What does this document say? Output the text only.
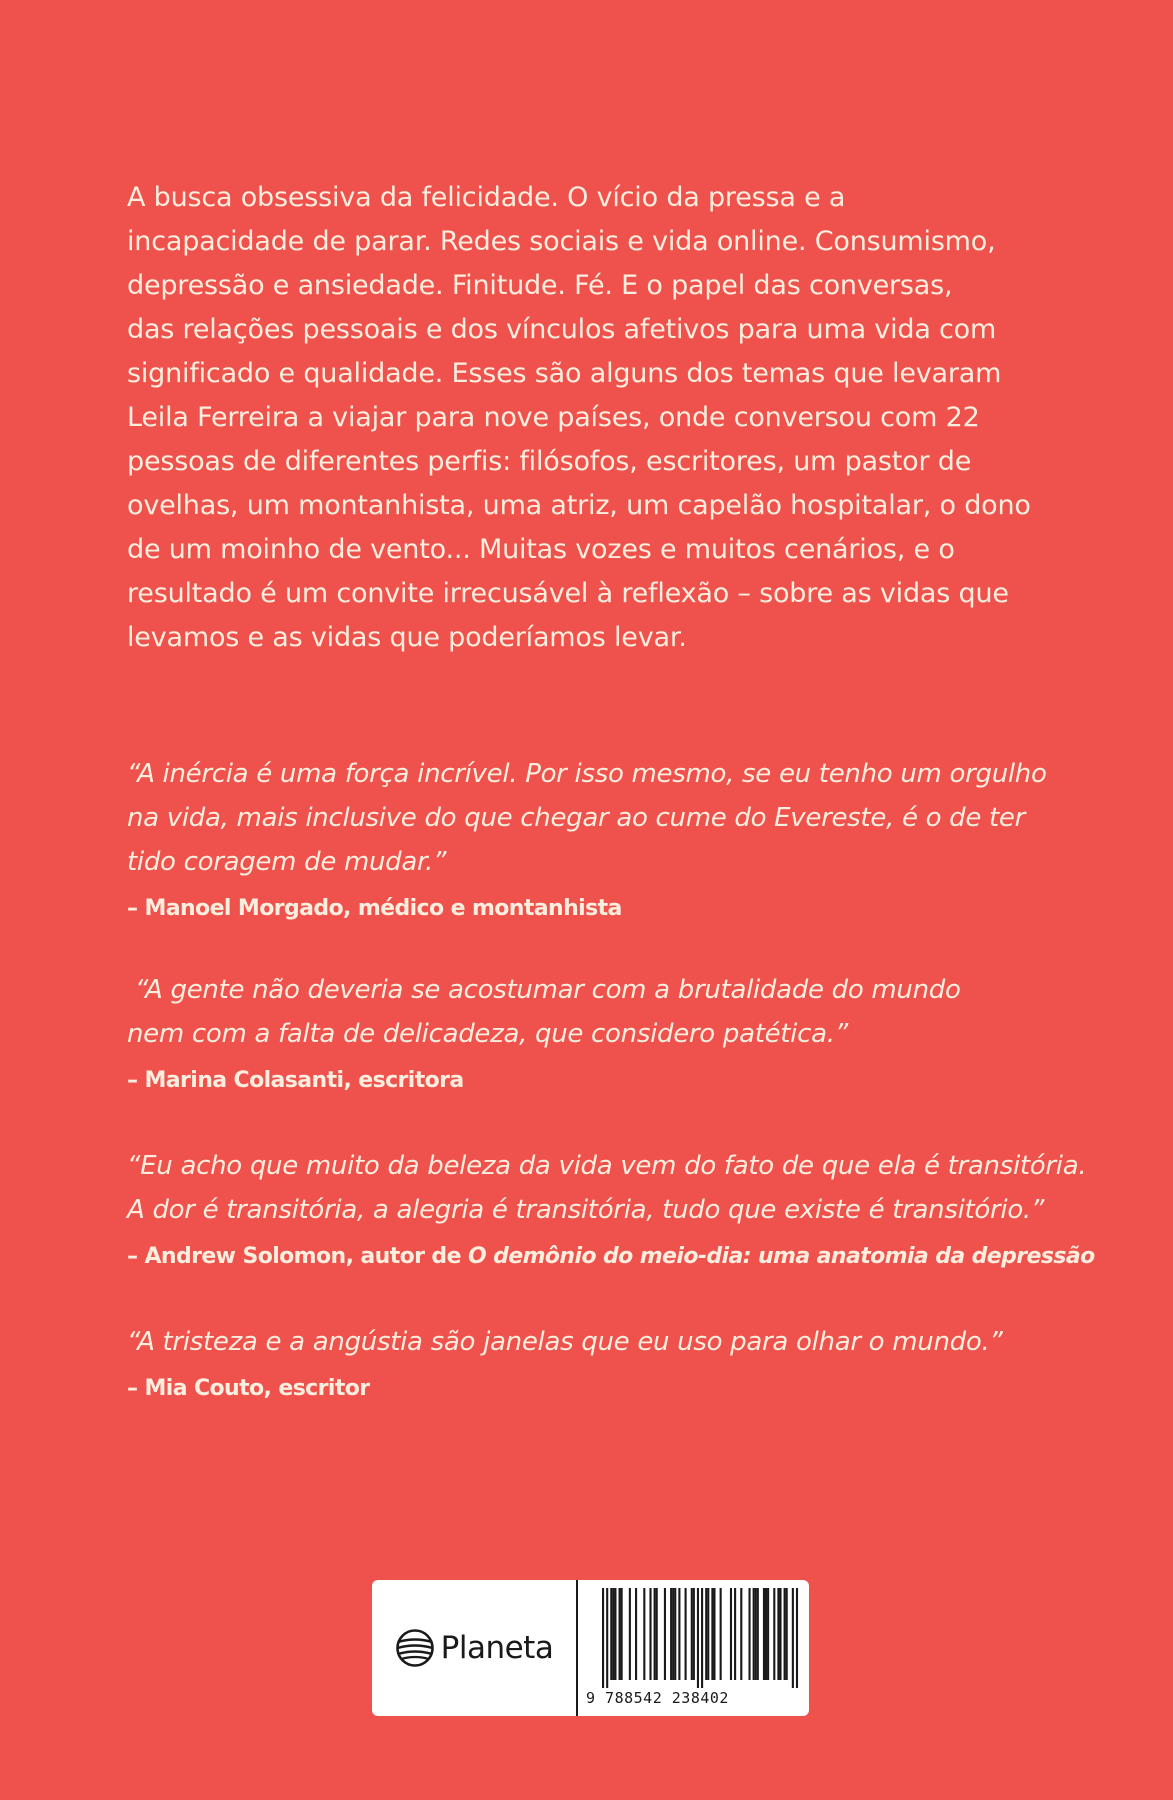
A busca obsessiva da felicidade. O vício da pressa e a
incapacidade de parar. Redes sociais e vida online. Consumismo,
depressão e ansiedade. Finitude. Fé. E o papel das conversas,
das relações pessoais e dos vínculos afetivos para uma vida com
significado e qualidade. Esses são alguns dos temas que levaram
Leila Ferreira a viajar para nove países, onde conversou com 22
pessoas de diferentes perfis: filósofos, escritores, um pastor de
ovelhas, um montanhista, uma atriz, um capelão hospitalar, o dono
de um moinho de vento... Muitas vozes e muitos cenários, e o
resultado é um convite irrecusável à reflexão – sobre as vidas que
levamos e as vidas que poderíamos levar.

“A inércia é uma força incrível. Por isso mesmo, se eu tenho um orgulho
na vida, mais inclusive do que chegar ao cume do Evereste, é o de ter
tido coragem de mudar.”

– Manoel Morgado, médico e montanhista

“A gente não deveria se acostumar com a brutalidade do mundo
nem com a falta de delicadeza, que considero patética.”

– Marina Colasanti, escritora

“Eu acho que muito da beleza da vida vem do fato de que ela é transitória.
A dor é transitória, a alegria é transitória, tudo que existe é transitório.”

– Andrew Solomon, autor de O demônio do meio-dia: uma anatomia da depressão

“A tristeza e a angústia são janelas que eu uso para olhar o mundo.”

– Mia Couto, escritor

Planeta
9 788542 238402
